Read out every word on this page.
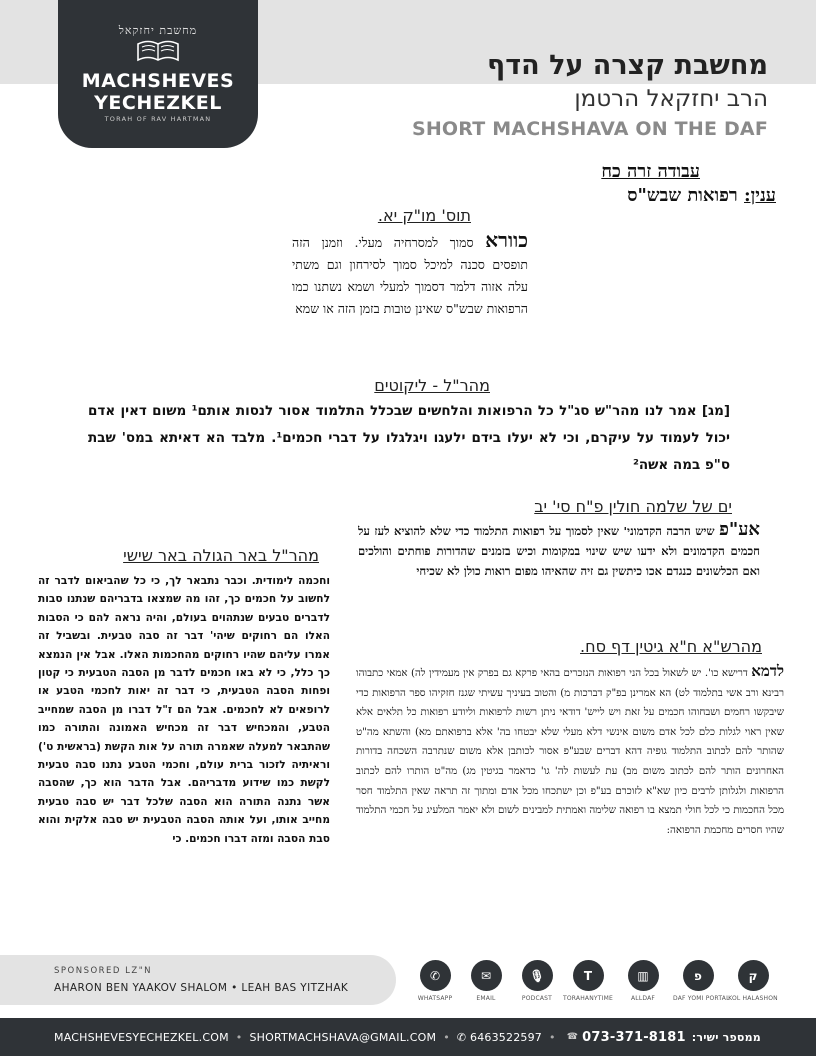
מחשבת יחזקאל
MACHSHEVES
YECHEZKEL
TORAH OF RAV HARTMAN
מחשבת קצרה על הדף
הרב יחזקאל הרטמן
SHORT MACHSHAVA ON THE DAF
עבודה זרה כח
ענין: רפואות שבש"ס
תוס' מו"ק יא.
כוורא סמוך למסרחיה מעלי. וזמנן הזה תופסים סכנה למיכל סמוך לסירחון וגם משתי עלה אזוה דלמר דסמוך למעלי ושמא נשתנו כמו הרפואות שבש"ס שאינן טובות בזמן הזה או שמא
מהר"ל - ליקוטים
[מג] אמר לנו מהר"ש סג"ל כל הרפואות והלחשים שבכלל התלמוד אסור לנסות אותם¹ משום דאין אדם יכול לעמוד על עיקרם, וכי לא יעלו בידם ילעגו ויגלגלו על דברי חכמים¹. מלבד הא דאיתא במס' שבת ס"פ במה אשה²
ים של שלמה חולין פ"ח סי' יב
אע"פ שיש הרבה הקדמוני' שאין לסמוך על רפואות התלמוד כדי שלא להוציא לעז על חכמים הקדמונים ולא ידעו שיש שינוי במקומות וכיש בזמנים שהדורות פוחתים והולכים ואם הכלשונים כנגדם אכו כיתשין גם זיה שהאיהו מפום רואות כולן לא שכיחי
מהר"ל באר הגולה באר שישי
וחכמה לימודית. וכבר נתבאר לך, כי כל שהביאום לדבר זה לחשוב על חכמים כך, זהו מה שמצאו בדבריהם שנתנו סבות לדברים טבעים שנתהוים בעולם, והיה נראה להם כי הסבות האלו הם רחוקים שיהי' דבר זה סבה טבעית. ובשביל זה אמרו עליהם שהיו רחוקים מהחכמות האלו. אבל אין הנמצא כך כלל, כי לא באו חכמים לדבר מן הסבה הטבעית כי קטון ופחות הסבה הטבעית, כי דבר זה יאות לחכמי הטבע או לרופאים לא לחכמים. אבל הם ז"ל דברו מן הסבה שמחייב הטבע, והמכחיש דבר זה מכחיש האמונה והתורה כמו שהתבאר למעלה שאמרה תורה על אות הקשת (בראשית ט') וראיתיה לזכור ברית עולם, וחכמי הטבע נתנו סבה טבעית לקשת כמו שידוע מדבריהם. אבל הדבר הוא כך, שהסבה אשר נתנה התורה הוא הסבה שלכל דבר יש סבה טבעית מחייב אותו, ועל אותה הסבה הטבעית יש סבה אלקית והוא סבת הסבה ומזה דברו חכמים. כי
מהרש"א ח"א גיטין דף סח.
לדמא דרישא כו'. יש לשאול בכל הני רפואות הנזכרים בהאי פרקא גם בפרק אין מעמידין לה) אמאי כתבוהו רבינא ורב אשי בתלמוד לט) הא אמרינן בפ"ק דברכות מ) והטוב בעיניך עשיתי שגנז חזקיהו ספר הרפואות כדי שיבקשו רחמים ושבחוהו חכמים על זאת ויש לייש' דודאי ניתן רשות לרפואות וליודע רפואות כל תלאים אלא שאין ראוי לגלות כלם לכל אדם משום אינשי דלא מעלי שלא יבטחו בה' אלא ברפואתם מא) והשתא מה"ט שהותר להם לכתוב התלמוד גופיה דהא דברים שבע"פ אסור לכותבן אלא משום שנתרבה השכחה בדורות האחרונים הותר להם לכתוב משום מב) עת לעשות לה' גו' כדאמר בגיטין מג) מה"ט הותרו להם לכתוב הרפואות ולגלותן לרבים כיון שא"א לזוכרם בע"פ וכן ישתכחו מכל אדם ומתוך זה תראה שאין התלמוד חסר מכל החכמות כי לכל חולי תמצא בו רפואה שלימה ואמתית למבינים לשום ולא יאמר המלעיג על חכמי התלמוד שהיו חסרים מחכמת הרפואה:
SPONSORED LZ"N
AHARON BEN YAAKOV SHALOM • LEAH BAS YITZHAK
✆
WHATSAPP
✉
EMAIL
🎙
PODCAST
T
TORAHANYTIME
▥
ALLDAF
פ
DAF YOMI PORTAL
ק
KOL HALASHON
MACHSHEVESYECHEZKEL.COM • SHORTMACHSHAVA@GMAIL.COM • ✆
6463522597 • ☎ 073-371-8181 ממספר ישיר:
